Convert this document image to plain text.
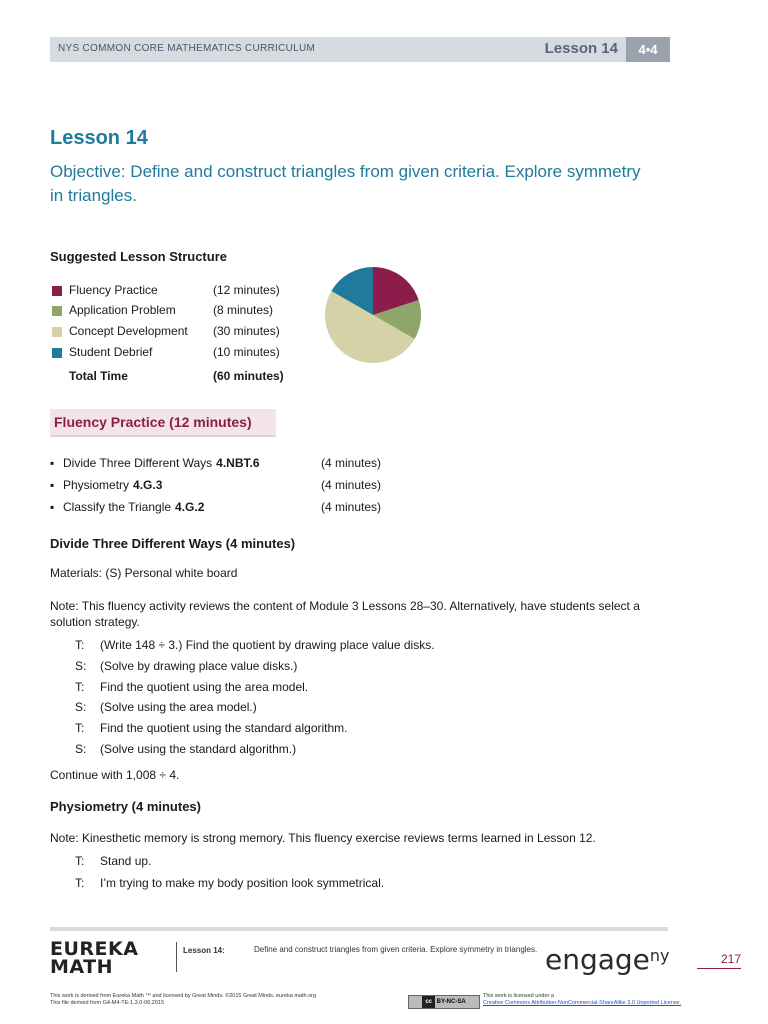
NYS COMMON CORE MATHEMATICS CURRICULUM	Lesson 14	4•4
Lesson 14
Objective: Define and construct triangles from given criteria. Explore symmetry in triangles.
Suggested Lesson Structure
Fluency Practice	(12 minutes)
Application Problem	(8 minutes)
Concept Development (30 minutes)
Student Debrief	(10 minutes)
Total Time	(60 minutes)
Fluency Practice (12 minutes)
▪ Divide Three Different Ways 4.NBT.6	(4 minutes)
▪ Physiometry 4.G.3	(4 minutes)
▪ Classify the Triangle 4.G.2	(4 minutes)
Divide Three Different Ways (4 minutes)
Materials: (S) Personal white board
Note: This fluency activity reviews the content of Module 3 Lessons 28–30. Alternatively, have students select a solution strategy.
T: (Write 148 ÷ 3.) Find the quotient by drawing place value disks.
S: (Solve by drawing place value disks.)
T: Find the quotient using the area model.
S: (Solve using the area model.)
T: Find the quotient using the standard algorithm.
S: (Solve using the standard algorithm.)
Continue with 1,008 ÷ 4.
Physiometry (4 minutes)
Note: Kinesthetic memory is strong memory. This fluency exercise reviews terms learned in Lesson 12.
T: Stand up.
T: I’m trying to make my body position look symmetrical.
EUREKA
MATH
Lesson 14:	Define and construct triangles from given criteria. Explore symmetry in triangles. engage$^{ny}$	217
This work is derived from Eureka Math ™ and licensed by Great Minds. ©2015 Great Minds. eureka math.org
This file derived from G4-M4-TE-1.3.0-06.2015	cc BY-NC-SA
This work is licensed under a
Creative Commons Attribution-NonCommercial-ShareAlike 3.0 Unported License.
